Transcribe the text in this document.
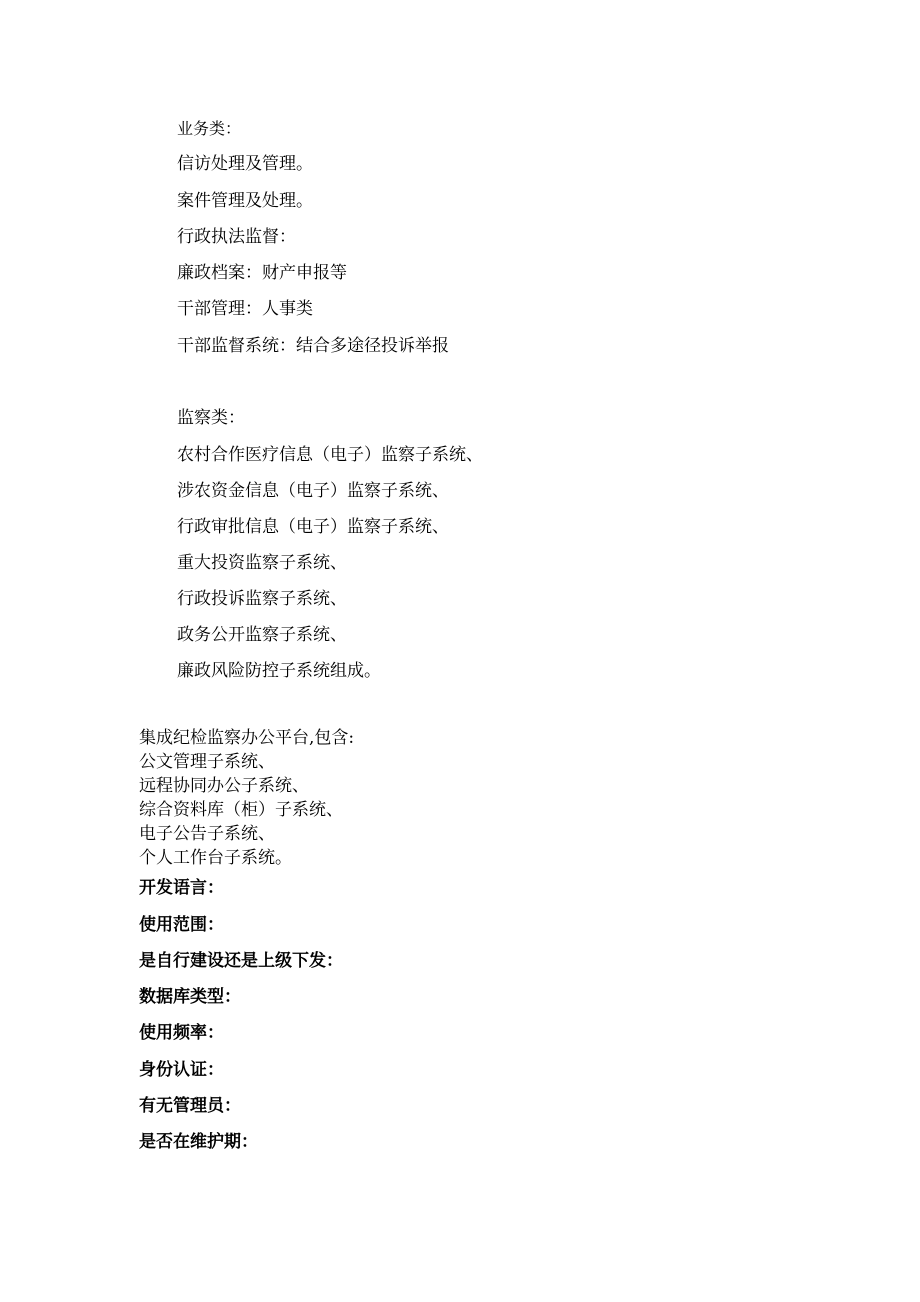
业务类：
信访处理及管理。
案件管理及处理。
行政执法监督：
廉政档案：财产申报等
干部管理：人事类
干部监督系统：结合多途径投诉举报
监察类：
农村合作医疗信息（电子）监察子系统、
涉农资金信息（电子）监察子系统、
行政审批信息（电子）监察子系统、
重大投资监察子系统、
行政投诉监察子系统、
政务公开监察子系统、
廉政风险防控子系统组成。
集成纪检监察办公平台,包含:
公文管理子系统、
远程协同办公子系统、
综合资料库（柜）子系统、
电子公告子系统、
个人工作台子系统。
开发语言：
使用范围：
是自行建设还是上级下发：
数据库类型：
使用频率：
身份认证：
有无管理员：
是否在维护期：
